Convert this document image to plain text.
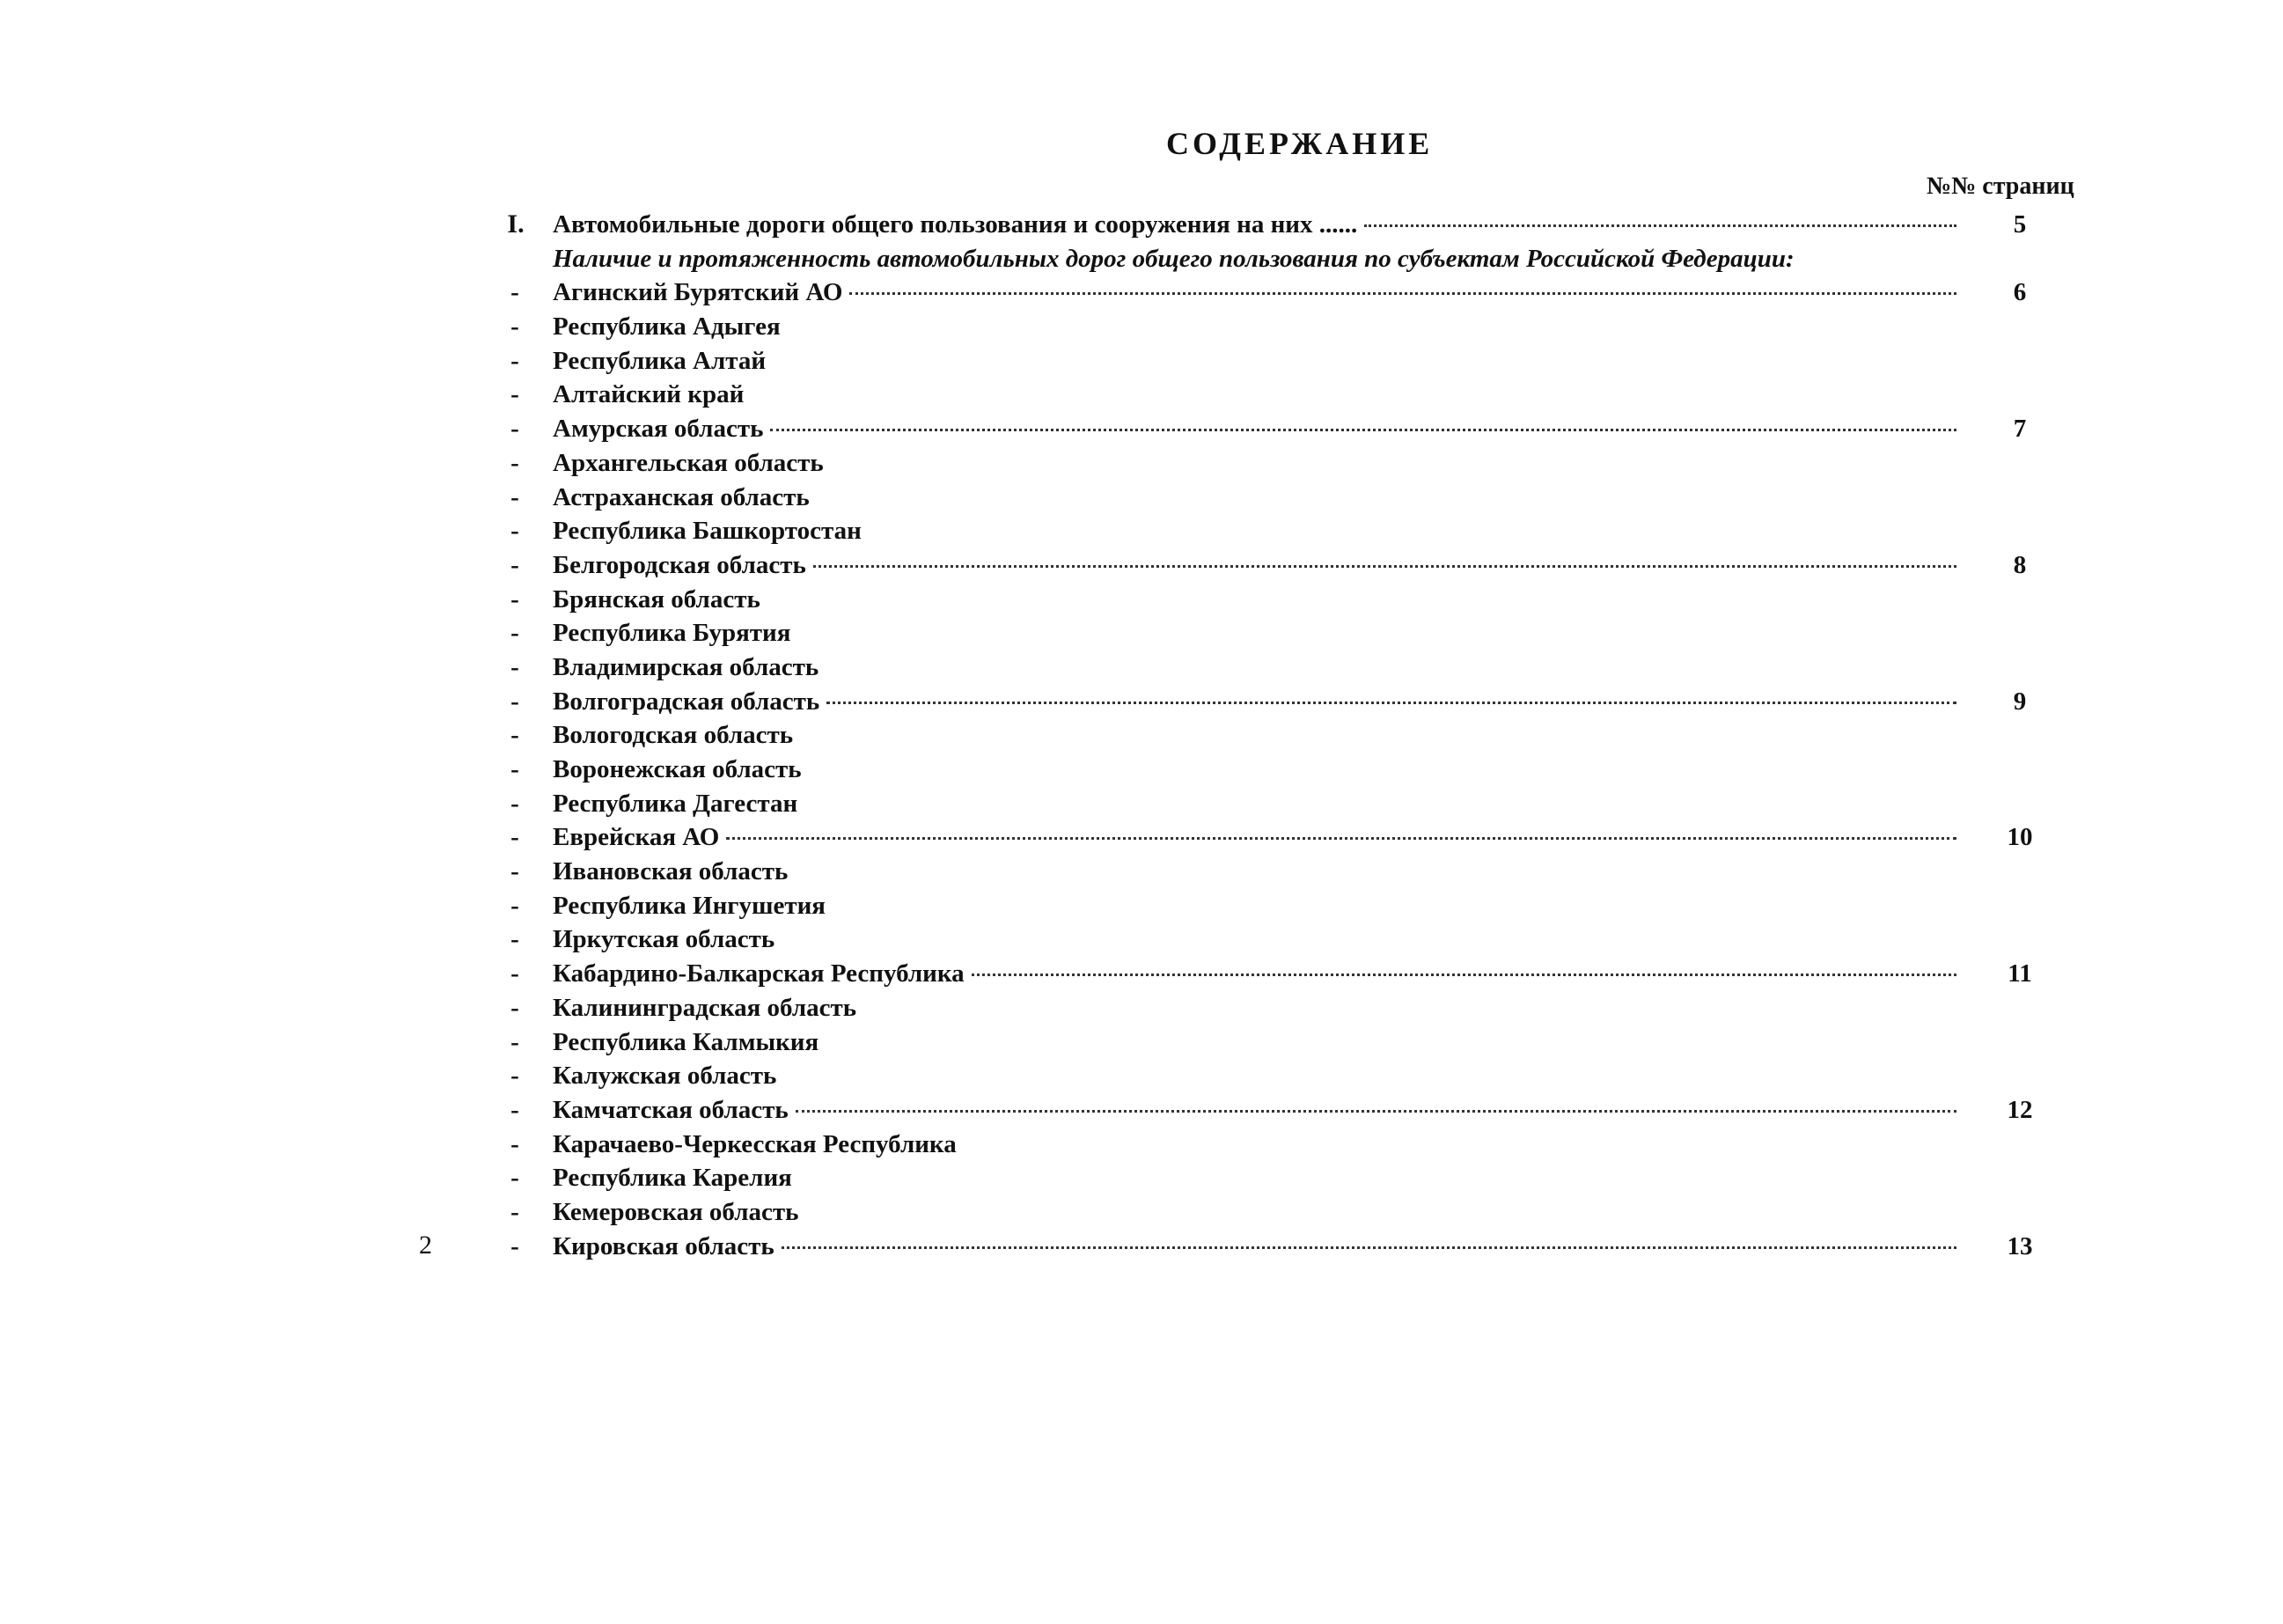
СОДЕРЖАНИЕ
№№ страниц
I.	Автомобильные дороги общего пользования и сооружения на них ......	5
Наличие и протяженность автомобильных дорог общего пользования по субъектам Российской Федерации:
-	Агинский Бурятский АО	6
-	Республика Адыгея
-	Республика Алтай
-	Алтайский край
-	Амурская область	7
-	Архангельская область
-	Астраханская область
-	Республика Башкортостан
-	Белгородская область	8
-	Брянская область
-	Республика Бурятия
-	Владимирская область
-	Волгоградская область	9
-	Вологодская область
-	Воронежская область
-	Республика Дагестан
-	Еврейская АО	10
-	Ивановская область
-	Республика Ингушетия
-	Иркутская область
-	Кабардино-Балкарская Республика	11
-	Калининградская область
-	Республика Калмыкия
-	Калужская область
-	Камчатская область	12
-	Карачаево-Черкесская Республика
-	Республика Карелия
-	Кемеровская область
-	Кировская область	13
2
